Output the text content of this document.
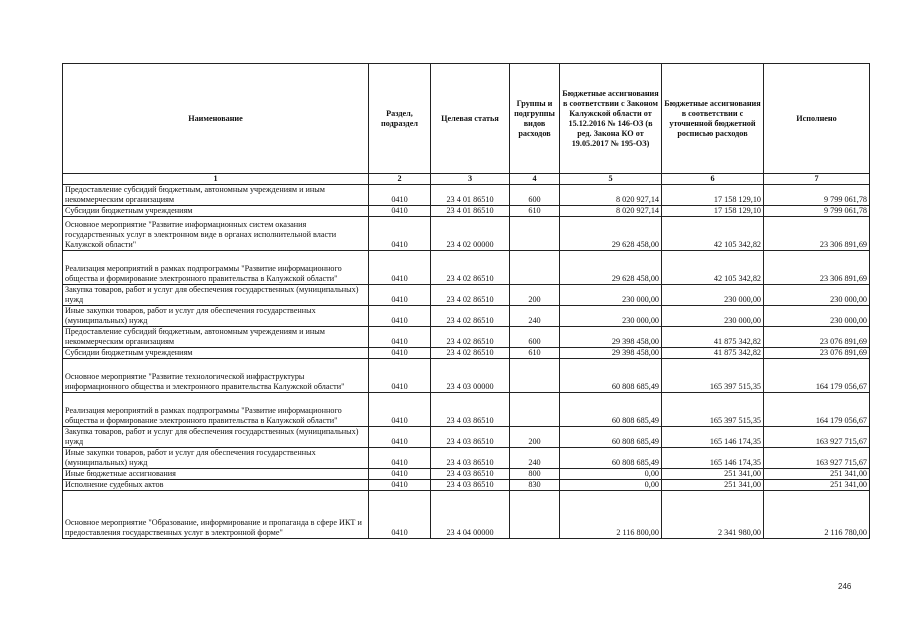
Наименование	Раздел, подраздел	Целевая статья	Группы и подгруппы видов расходов	Бюджетные ассигнования в соответствии с Законом Калужской области от 15.12.2016 № 146-ОЗ (в ред. Закона КО от 19.05.2017 № 195-ОЗ)	Бюджетные ассигнования в соответствии с уточненной бюджетной росписью расходов	Исполнено
1	2	3	4	5	6	7
Предоставление субсидий бюджетным, автономным учреждениям и иным некоммерческим организациям	0410	23 4 01 86510	600	8 020 927,14	17 158 129,10	9 799 061,78
Субсидии бюджетным учреждениям	0410	23 4 01 86510	610	8 020 927,14	17 158 129,10	9 799 061,78
Основное мероприятие "Развитие информационных систем оказания государственных услуг в электронном виде в органах исполнительной власти Калужской области"	0410	23 4 02 00000		29 628 458,00	42 105 342,82	23 306 891,69
Реализация мероприятий в рамках подпрограммы "Развитие информационного общества и формирование электронного правительства в Калужской области"	0410	23 4 02 86510		29 628 458,00	42 105 342,82	23 306 891,69
Закупка товаров, работ и услуг для обеспечения государственных (муниципальных) нужд	0410	23 4 02 86510	200	230 000,00	230 000,00	230 000,00
Иные закупки товаров, работ и услуг для обеспечения государственных (муниципальных) нужд	0410	23 4 02 86510	240	230 000,00	230 000,00	230 000,00
Предоставление субсидий бюджетным, автономным учреждениям и иным некоммерческим организациям	0410	23 4 02 86510	600	29 398 458,00	41 875 342,82	23 076 891,69
Субсидии бюджетным учреждениям	0410	23 4 02 86510	610	29 398 458,00	41 875 342,82	23 076 891,69
Основное мероприятие "Развитие технологической инфраструктуры информационного общества и электронного правительства Калужской области"	0410	23 4 03 00000		60 808 685,49	165 397 515,35	164 179 056,67
Реализация мероприятий в рамках подпрограммы "Развитие информационного общества и формирование электронного правительства в Калужской области"	0410	23 4 03 86510		60 808 685,49	165 397 515,35	164 179 056,67
Закупка товаров, работ и услуг для обеспечения государственных (муниципальных) нужд	0410	23 4 03 86510	200	60 808 685,49	165 146 174,35	163 927 715,67
Иные закупки товаров, работ и услуг для обеспечения государственных (муниципальных) нужд	0410	23 4 03 86510	240	60 808 685,49	165 146 174,35	163 927 715,67
Иные бюджетные ассигнования	0410	23 4 03 86510	800	0,00	251 341,00	251 341,00
Исполнение судебных актов	0410	23 4 03 86510	830	0,00	251 341,00	251 341,00
Основное мероприятие "Образование, информирование и пропаганда в сфере ИКТ и предоставления государственных услуг в электронной форме"	0410	23 4 04 00000		2 116 800,00	2 341 980,00	2 116 780,00
246
